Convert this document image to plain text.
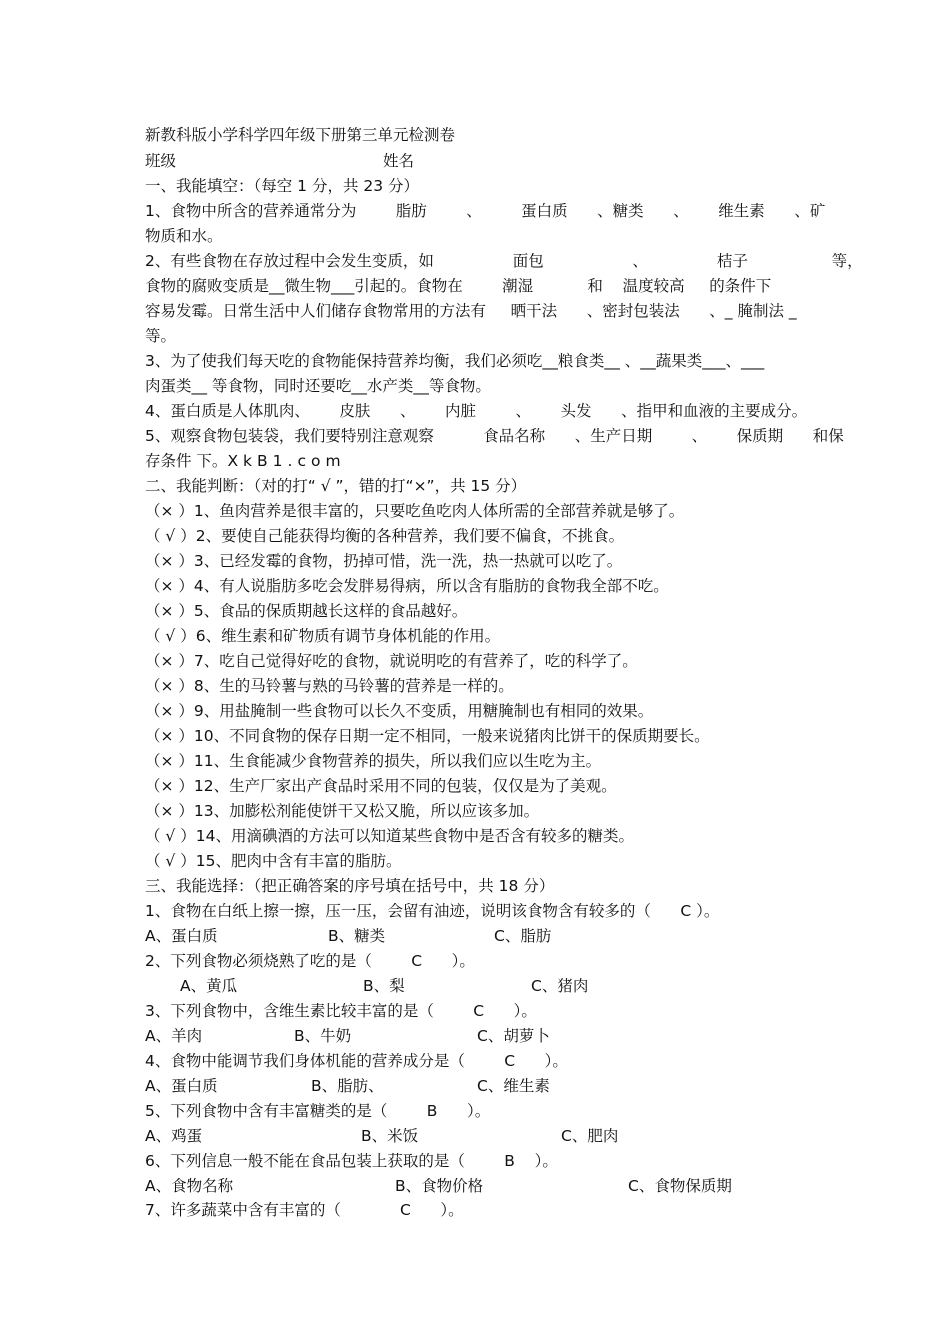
新教科版小学科学四年级下册第三单元检测卷
班级	姓名
一、我能填空：（每空 1 分，共 23 分）
1、食物中所含的营养通常分为        脂肪        、        蛋白质      、糖类      、      维生素      、矿
物质和水。
2、有些食物在存放过程中会发生变质，如                面包                  、              桔子                 等，
食物的腐败变质是__微生物___引起的。食物在        潮湿           和    温度较高     的条件下
容易发霉。日常生活中人们储存食物常用的方法有     晒干法      、密封包装法      、_ 腌制法 _
等。
3、为了使我们每天吃的食物能保持营养均衡，我们必须吃__粮食类__ 、__蔬果类___、___
肉蛋类__ 等食物，同时还要吃__水产类__等食物。
4、蛋白质是人体肌肉、      皮肤      、      内脏        、      头发      、指甲和血液的主要成分。
5、观察食物包装袋，我们要特别注意观察          食品名称      、生产日期        、      保质期      和保
存条件 下。XkB1.com
二、我能判断：（对的打“ √ ”，错的打“×”，共 15 分）
（× ）1、鱼肉营养是很丰富的，只要吃鱼吃肉人体所需的全部营养就是够了。
（ √ ）2、要使自己能获得均衡的各种营养，我们要不偏食，不挑食。
（× ）3、已经发霉的食物，扔掉可惜，洗一洗，热一热就可以吃了。
（× ）4、有人说脂肪多吃会发胖易得病，所以含有脂肪的食物我全部不吃。
（× ）5、食品的保质期越长这样的食品越好。
（ √ ）6、维生素和矿物质有调节身体机能的作用。
（× ）7、吃自己觉得好吃的食物，就说明吃的有营养了，吃的科学了。
（× ）8、生的马铃薯与熟的马铃薯的营养是一样的。
（× ）9、用盐腌制一些食物可以长久不变质，用糖腌制也有相同的效果。
（× ）10、不同食物的保存日期一定不相同，一般来说猪肉比饼干的保质期要长。
（× ）11、生食能减少食物营养的损失，所以我们应以生吃为主。
（× ）12、生产厂家出产食品时采用不同的包装，仅仅是为了美观。
（× ）13、加膨松剂能使饼干又松又脆，所以应该多加。
（ √ ）14、用滴碘酒的方法可以知道某些食物中是否含有较多的糖类。
（ √ ）15、肥肉中含有丰富的脂肪。
三、我能选择：（把正确答案的序号填在括号中，共 18 分）
1、食物在白纸上擦一擦，压一压，会留有油迹，说明该食物含有较多的（      C ）。
A、蛋白质	B、糖类	C、脂肪
2、下列食物必须烧熟了吃的是（        C      ）。
A、黄瓜	B、梨	C、猪肉
3、下列食物中，含维生素比较丰富的是（        C      ）。
A、羊肉	B、牛奶	C、胡萝卜
4、食物中能调节我们身体机能的营养成分是（        C      ）。
A、蛋白质	B、脂肪、	C、维生素
5、下列食物中含有丰富糖类的是（        B      ）。
A、鸡蛋	B、米饭	C、肥肉
6、下列信息一般不能在食品包装上获取的是（        B    ）。
A、食物名称	B、食物价格	C、食物保质期
7、许多蔬菜中含有丰富的（            C      ）。
